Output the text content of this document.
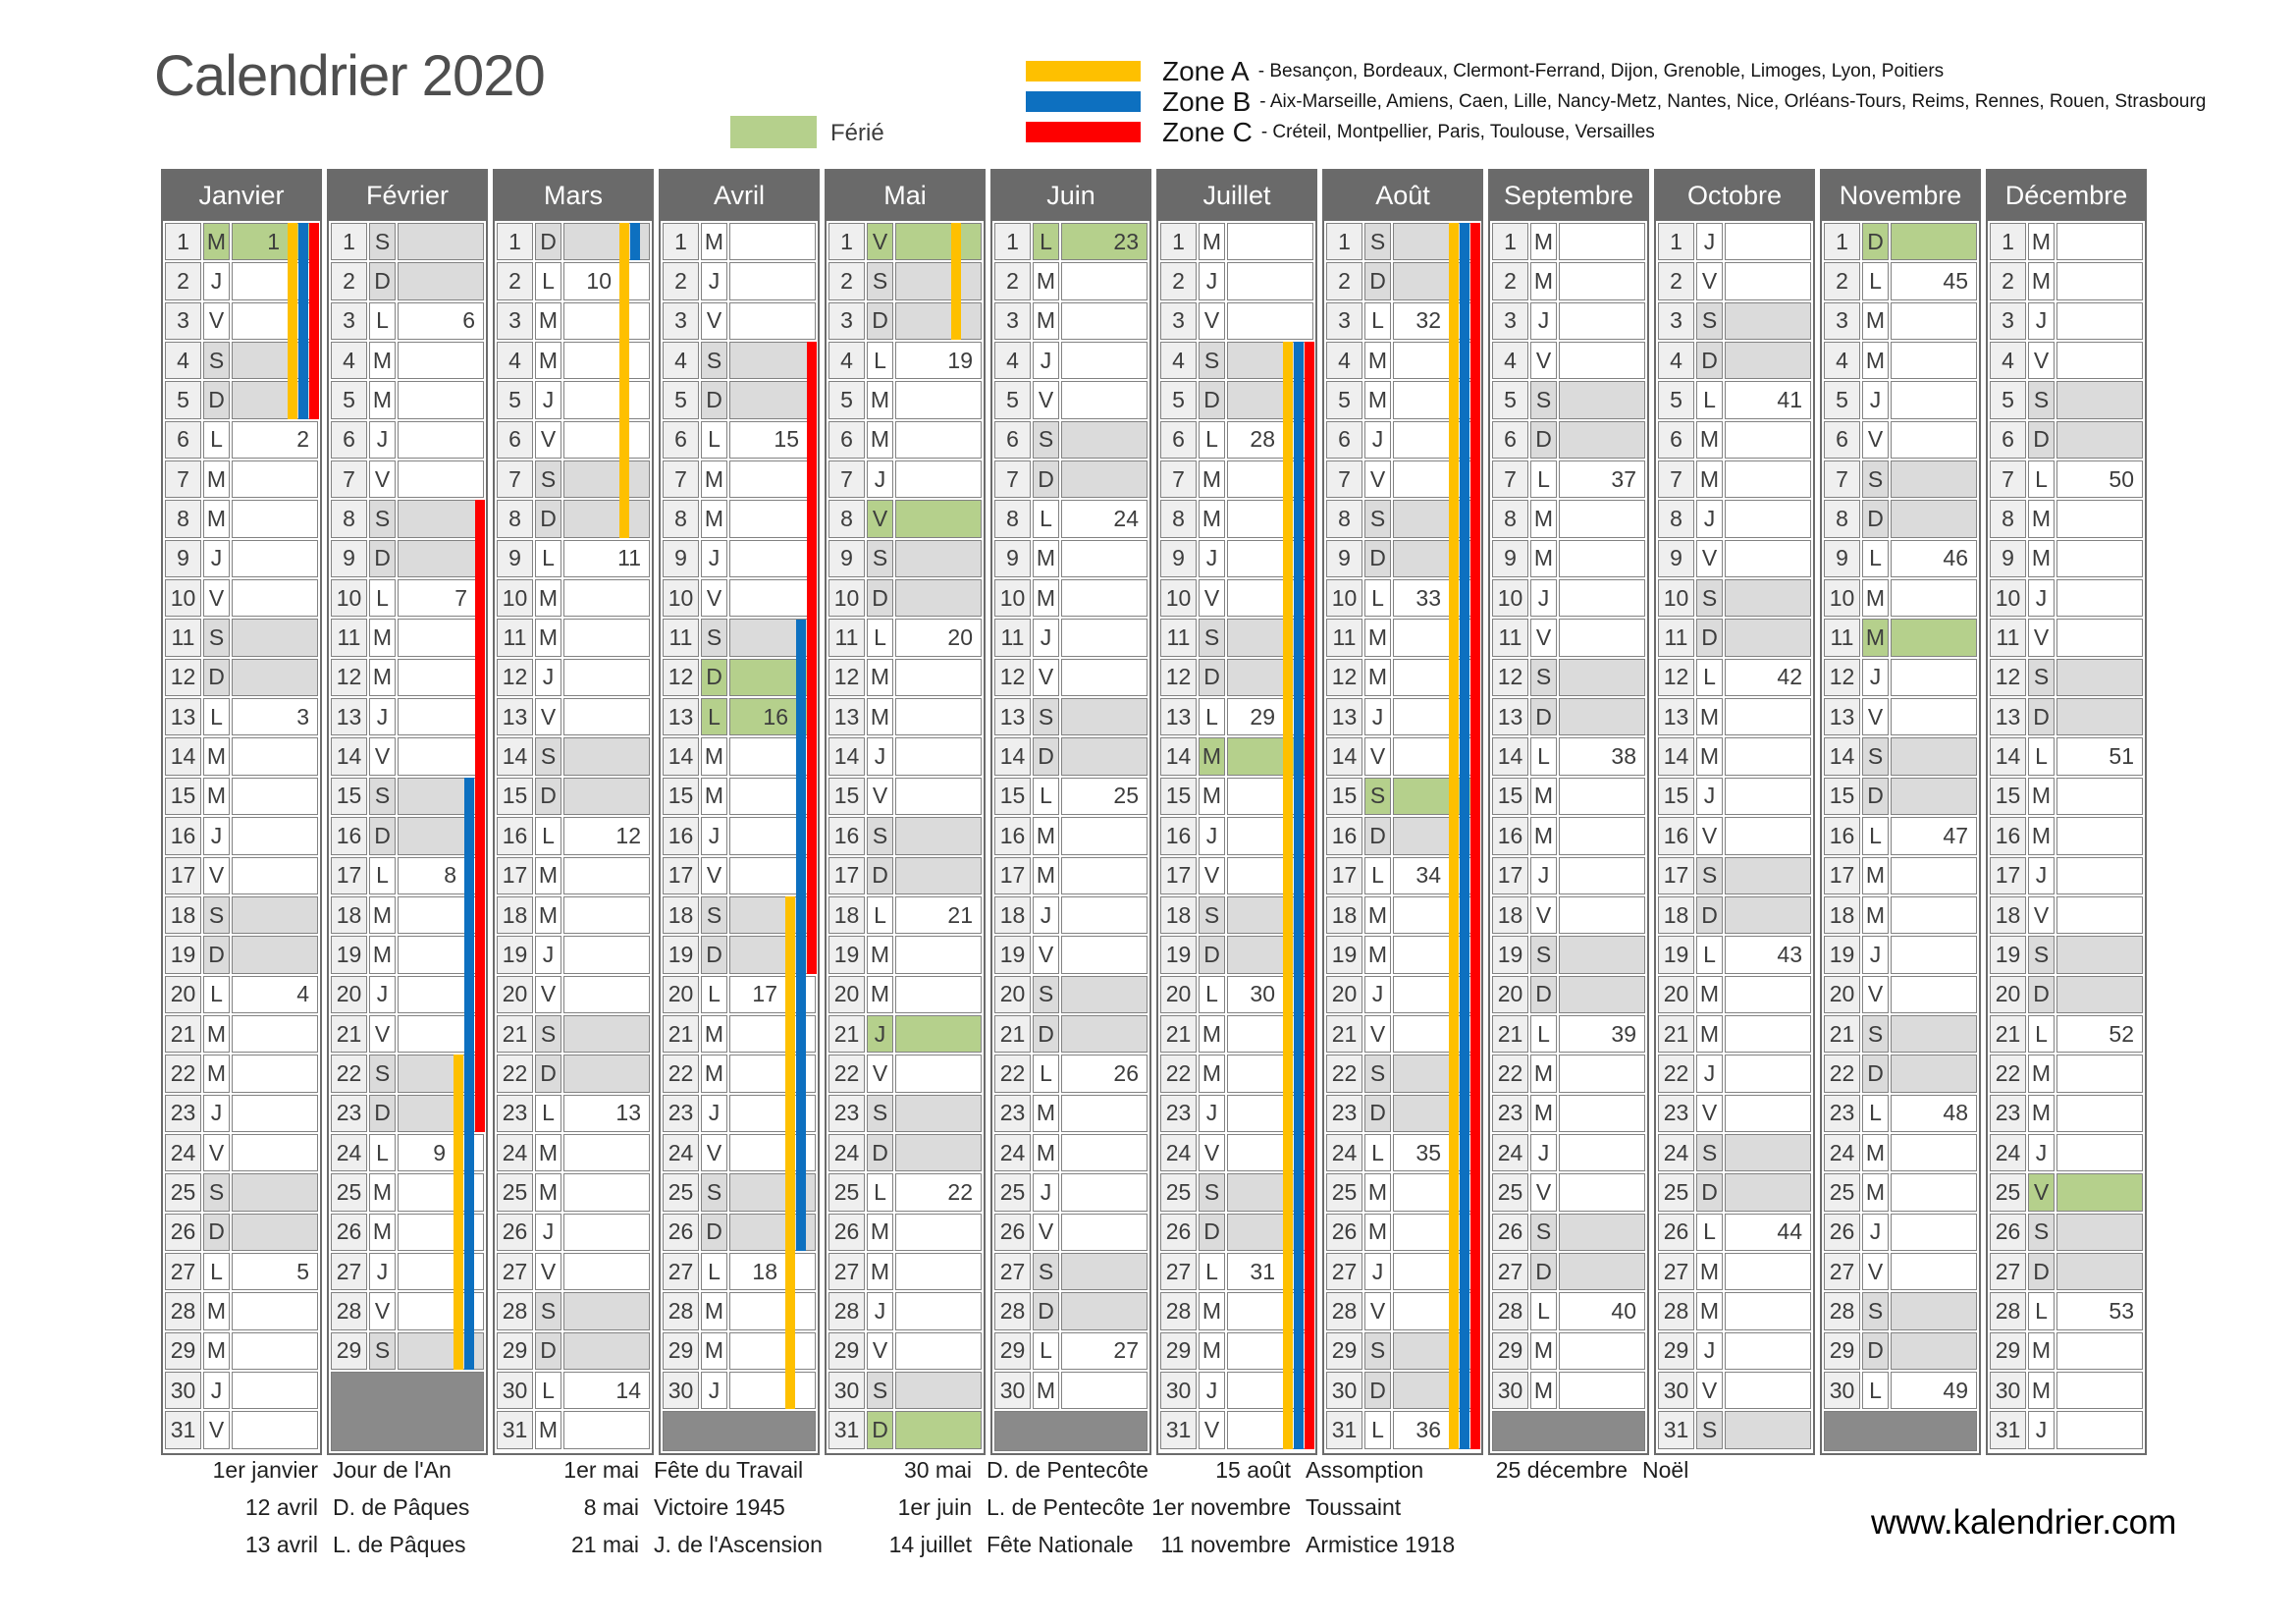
Calendrier 2020
Férié
Zone A - Besançon, Bordeaux, Clermont-Ferrand, Dijon, Grenoble, Limoges, Lyon, Poitiers
Zone B - Aix-Marseille, Amiens, Caen, Lille, Nancy-Metz, Nantes, Nice, Orléans-Tours, Reims, Rennes, Rouen, Strasbourg
Zone C - Créteil, Montpellier, Paris, Toulouse, Versailles
Janvier
1 M	1
2 J
3 V
4 S
5 D
6 L	2
7 M
8 M
9 J
10 V
11 S
12 D
13 L	3
14 M
15 M
16 J
17 V
18 S
19 D
20 L	4
21 M
22 M
23 J
24 V
25 S
26 D
27 L	5
28 M
29 M
30 J
31 V
Février
1 S
2 D
3 L	6
4 M
5 M
6 J
7 V
8 S
9 D
10 L	7
11 M
12 M
13 J
14 V
15 S
16 D
17 L	8
18 M
19 M
20 J
21 V
22 S
23 D
24 L	9
25 M
26 M
27 J
28 V
29 S
Mars
1 D
2 L	10
3 M
4 M
5 J
6 V
7 S
8 D
9 L	11
10 M
11 M
12 J
13 V
14 S
15 D
16 L	12
17 M
18 M
19 J
20 V
21 S
22 D
23 L	13
24 M
25 M
26 J
27 V
28 S
29 D
30 L	14
31 M
Avril
1 M
2 J
3 V
4 S
5 D
6 L	15
7 M
8 M
9 J
10 V
11 S
12 D
13 L	16
14 M
15 M
16 J
17 V
18 S
19 D
20 L	17
21 M
22 M
23 J
24 V
25 S
26 D
27 L	18
28 M
29 M
30 J
Mai
1 V
2 S
3 D
4 L	19
5 M
6 M
7 J
8 V
9 S
10 D
11 L	20
12 M
13 M
14 J
15 V
16 S
17 D
18 L	21
19 M
20 M
21 J
22 V
23 S
24 D
25 L	22
26 M
27 M
28 J
29 V
30 S
31 D
Juin
1 L	23
2 M
3 M
4 J
5 V
6 S
7 D
8 L	24
9 M
10 M
11 J
12 V
13 S
14 D
15 L	25
16 M
17 M
18 J
19 V
20 S
21 D
22 L	26
23 M
24 M
25 J
26 V
27 S
28 D
29 L	27
30 M
Juillet
1 M
2 J
3 V
4 S
5 D
6 L	28
7 M
8 M
9 J
10 V
11 S
12 D
13 L	29
14 M
15 M
16 J
17 V
18 S
19 D
20 L	30
21 M
22 M
23 J
24 V
25 S
26 D
27 L	31
28 M
29 M
30 J
31 V
Août
1 S
2 D
3 L	32
4 M
5 M
6 J
7 V
8 S
9 D
10 L	33
11 M
12 M
13 J
14 V
15 S
16 D
17 L	34
18 M
19 M
20 J
21 V
22 S
23 D
24 L	35
25 M
26 M
27 J
28 V
29 S
30 D
31 L	36
Septembre
1 M
2 M
3 J
4 V
5 S
6 D
7 L	37
8 M
9 M
10 J
11 V
12 S
13 D
14 L	38
15 M
16 M
17 J
18 V
19 S
20 D
21 L	39
22 M
23 M
24 J
25 V
26 S
27 D
28 L	40
29 M
30 M
Octobre
1 J
2 V
3 S
4 D
5 L	41
6 M
7 M
8 J
9 V
10 S
11 D
12 L	42
13 M
14 M
15 J
16 V
17 S
18 D
19 L	43
20 M
21 M
22 J
23 V
24 S
25 D
26 L	44
27 M
28 M
29 J
30 V
31 S
Novembre
1 D
2 L	45
3 M
4 M
5 J
6 V
7 S
8 D
9 L	46
10 M
11 M
12 J
13 V
14 S
15 D
16 L	47
17 M
18 M
19 J
20 V
21 S
22 D
23 L	48
24 M
25 M
26 J
27 V
28 S
29 D
30 L	49
Décembre
1 M
2 M
3 J
4 V
5 S
6 D
7 L	50
8 M
9 M
10 J
11 V
12 S
13 D
14 L	51
15 M
16 M
17 J
18 V
19 S
20 D
21 L	52
22 M
23 M
24 J
25 V
26 S
27 D
28 L	53
29 M
30 M
31 J
1er janvier Jour de l'An
12 avril D. de Pâques
13 avril L. de Pâques
1er mai Fête du Travail
8 mai Victoire 1945
21 mai J. de l'Ascension
30 mai D. de Pentecôte
1er juin L. de Pentecôte
14 juillet Fête Nationale
15 août Assomption
1er novembre Toussaint
11 novembre Armistice 1918
25 décembre Noël
www.kalendrier.com
